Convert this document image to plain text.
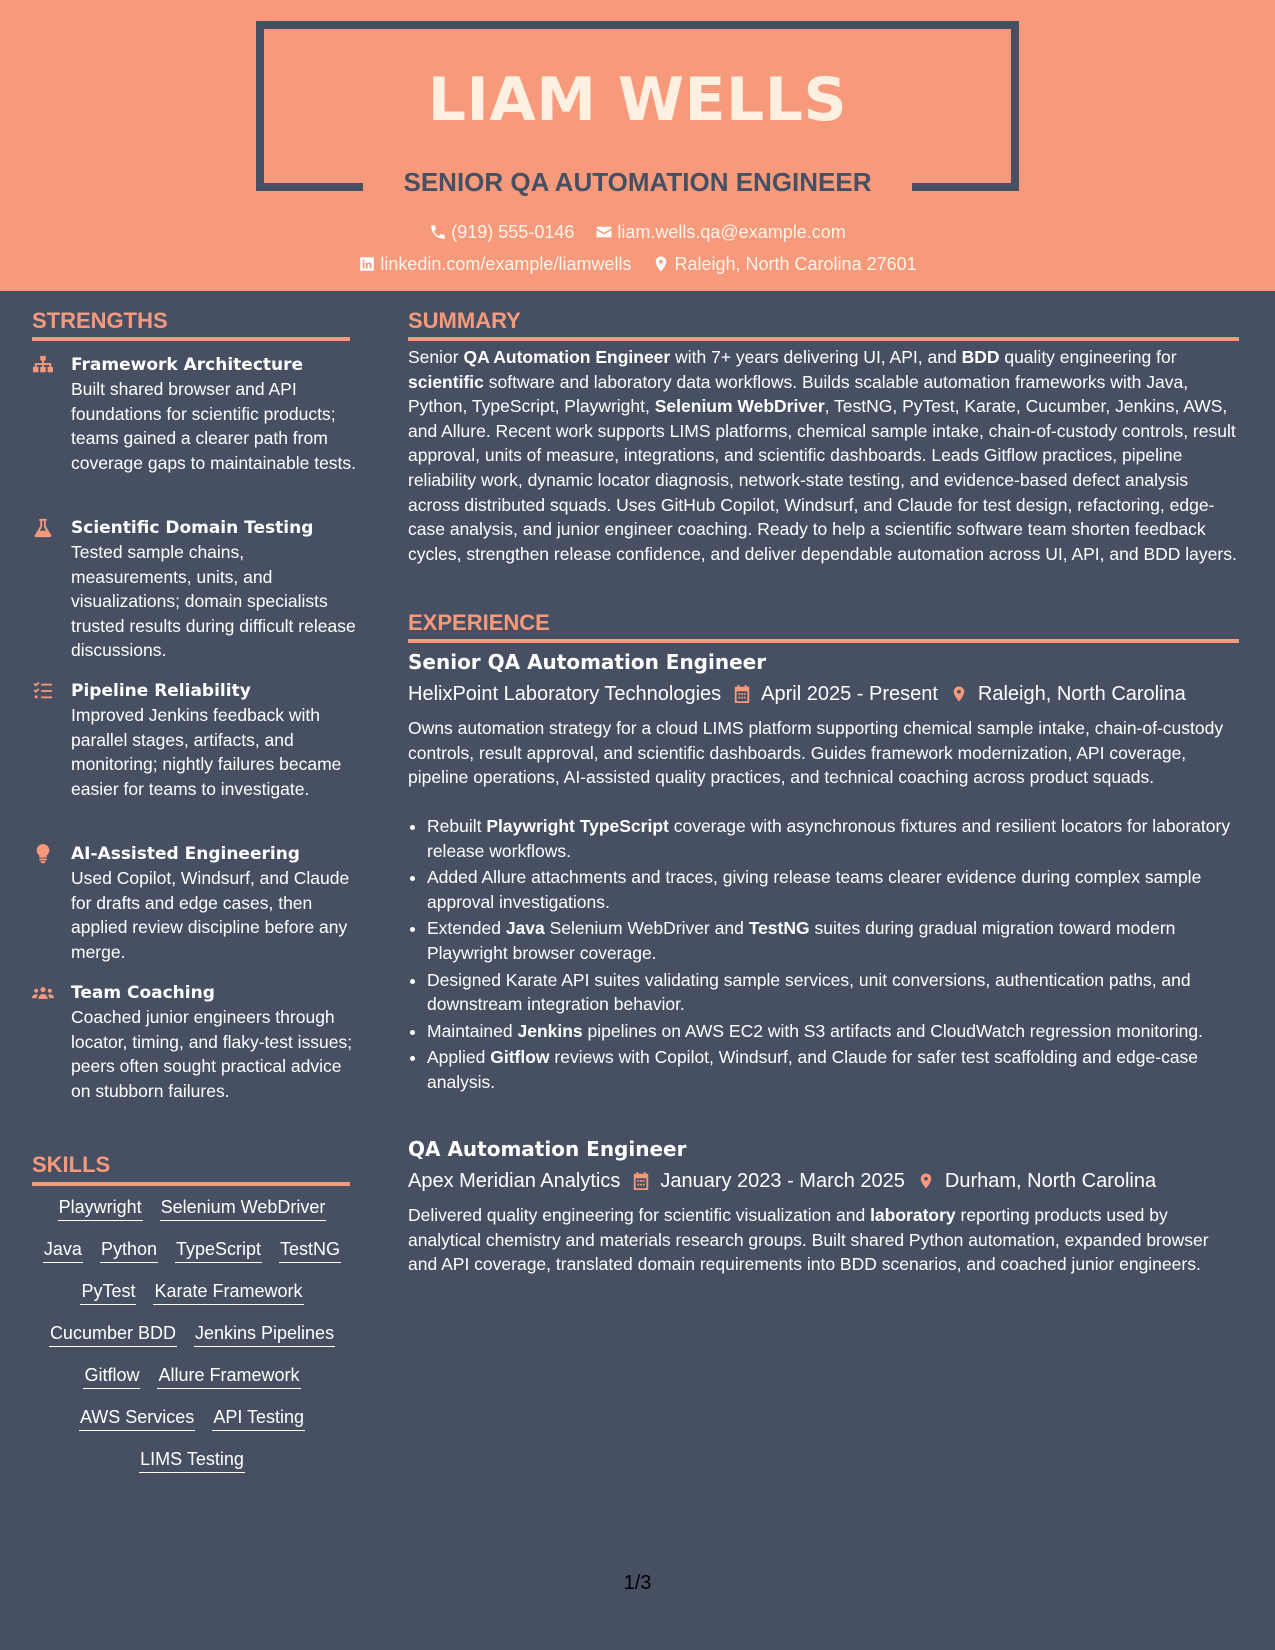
LIAM WELLS
SENIOR QA AUTOMATION ENGINEER
(919) 555-0146
liam.wells.qa@example.com
linkedin.com/example/liamwells
Raleigh, North Carolina 27601
STRENGTHS
Framework Architecture
Built shared browser and API foundations for scientific products; teams gained a clearer path from coverage gaps to maintainable tests.
Scientific Domain Testing
Tested sample chains, measurements, units, and visualizations; domain specialists trusted results during difficult release discussions.
Pipeline Reliability
Improved Jenkins feedback with parallel stages, artifacts, and monitoring; nightly failures became easier for teams to investigate.
AI-Assisted Engineering
Used Copilot, Windsurf, and Claude for drafts and edge cases, then applied review discipline before any merge.
Team Coaching
Coached junior engineers through locator, timing, and flaky-test issues; peers often sought practical advice on stubborn failures.
SKILLS
Playwright Selenium WebDriver
Java Python TypeScript TestNG
PyTest Karate Framework
Cucumber BDD Jenkins Pipelines
Gitflow Allure Framework
AWS Services API Testing
LIMS Testing
SUMMARY
Senior QA Automation Engineer with 7+ years delivering UI, API, and BDD quality engineering for scientific software and laboratory data workflows. Builds scalable automation frameworks with Java, Python, TypeScript, Playwright, Selenium WebDriver, TestNG, PyTest, Karate, Cucumber, Jenkins, AWS, and Allure. Recent work supports LIMS platforms, chemical sample intake, chain-of-custody controls, result approval, units of measure, integrations, and scientific dashboards. Leads Gitflow practices, pipeline reliability work, dynamic locator diagnosis, network-state testing, and evidence-based defect analysis across distributed squads. Uses GitHub Copilot, Windsurf, and Claude for test design, refactoring, edge-case analysis, and junior engineer coaching. Ready to help a scientific software team shorten feedback cycles, strengthen release confidence, and deliver dependable automation across UI, API, and BDD layers.
EXPERIENCE
Senior QA Automation Engineer
HelixPoint Laboratory Technologies April 2025 - Present Raleigh, North Carolina
Owns automation strategy for a cloud LIMS platform supporting chemical sample intake, chain-of-custody controls, result approval, and scientific dashboards. Guides framework modernization, API coverage, pipeline operations, AI-assisted quality practices, and technical coaching across product squads.
• Rebuilt Playwright TypeScript coverage with asynchronous fixtures and resilient locators for laboratory release workflows.
• Added Allure attachments and traces, giving release teams clearer evidence during complex sample approval investigations.
• Extended Java Selenium WebDriver and TestNG suites during gradual migration toward modern Playwright browser coverage.
• Designed Karate API suites validating sample services, unit conversions, authentication paths, and downstream integration behavior.
• Maintained Jenkins pipelines on AWS EC2 with S3 artifacts and CloudWatch regression monitoring.
• Applied Gitflow reviews with Copilot, Windsurf, and Claude for safer test scaffolding and edge-case analysis.
QA Automation Engineer
Apex Meridian Analytics January 2023 - March 2025 Durham, North Carolina
Delivered quality engineering for scientific visualization and laboratory reporting products used by analytical chemistry and materials research groups. Built shared Python automation, expanded browser and API coverage, translated domain requirements into BDD scenarios, and coached junior engineers.
1/3
